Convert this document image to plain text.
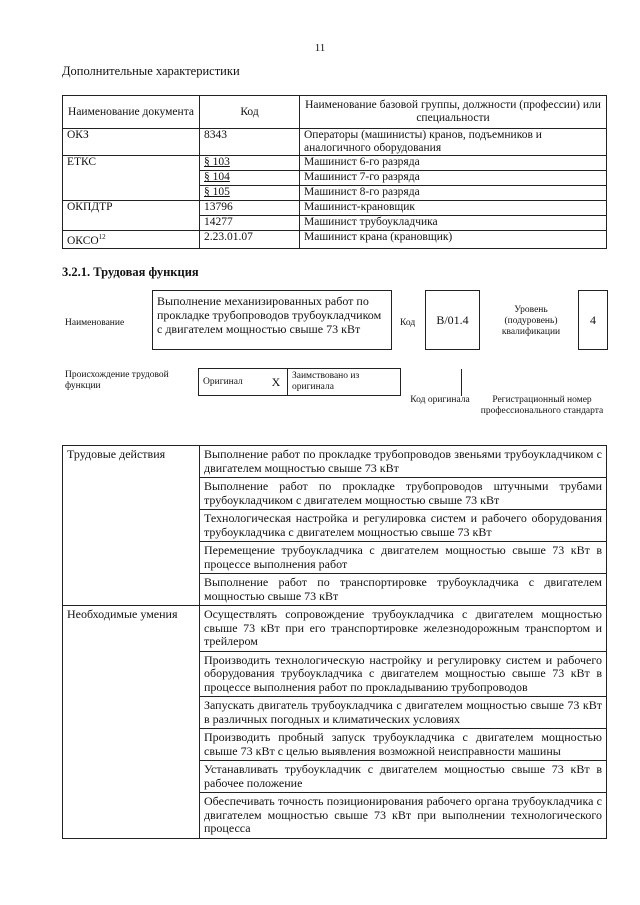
11
Дополнительные характеристики
Наименование документа	Код	Наименование базовой группы, должности (профессии) или специальности
ОКЗ	8343	Операторы (машинисты) кранов, подъемников и аналогичного оборудования
ЕТКС	§ 103	Машинист 6-го разряда
	§ 104	Машинист 7-го разряда
	§ 105	Машинист 8-го разряда
ОКПДТР	13796	Машинист-крановщик
	14277	Машинист трубоукладчика
ОКСО$^{12}$	2.23.01.07	Машинист крана (крановщик)
3.2.1. Трудовая функция
Наименование
Выполнение механизированных работ по прокладке трубопроводов трубоукладчиком с двигателем мощностью свыше 73 кВт	Код	B/01.4
Уровень (подуровень) квалификации
4
Происхождение трудовой функции	Оригинал	X	Заимствовано из оригинала		
Код оригинала	Регистрационный номер профессионального стандарта
Трудовые действия	Выполнение работ по прокладке трубопроводов звеньями трубоукладчиком с двигателем мощностью свыше 73 кВт
	Выполнение работ по прокладке трубопроводов штучными трубами трубоукладчиком с двигателем мощностью свыше 73 кВт
	Технологическая настройка и регулировка систем и рабочего оборудования трубоукладчика с двигателем мощностью свыше 73 кВт
	Перемещение трубоукладчика с двигателем мощностью свыше 73 кВт в процессе выполнения работ
	Выполнение работ по транспортировке трубоукладчика с двигателем мощностью свыше 73 кВт
Необходимые умения	Осуществлять сопровождение трубоукладчика с двигателем мощностью свыше 73 кВт при его транспортировке железнодорожным транспортом и трейлером
	Производить технологическую настройку и регулировку систем и рабочего оборудования трубоукладчика с двигателем мощностью свыше 73 кВт в процессе выполнения работ по прокладыванию трубопроводов
	Запускать двигатель трубоукладчика с двигателем мощностью свыше 73 кВт в различных погодных и климатических условиях
	Производить пробный запуск трубоукладчика с двигателем мощностью свыше 73 кВт с целью выявления возможной неисправности машины
	Устанавливать трубоукладчик с двигателем мощностью свыше 73 кВт в рабочее положение
	Обеспечивать точность позиционирования рабочего органа трубоукладчика с двигателем мощностью свыше 73 кВт при выполнении технологического процесса
